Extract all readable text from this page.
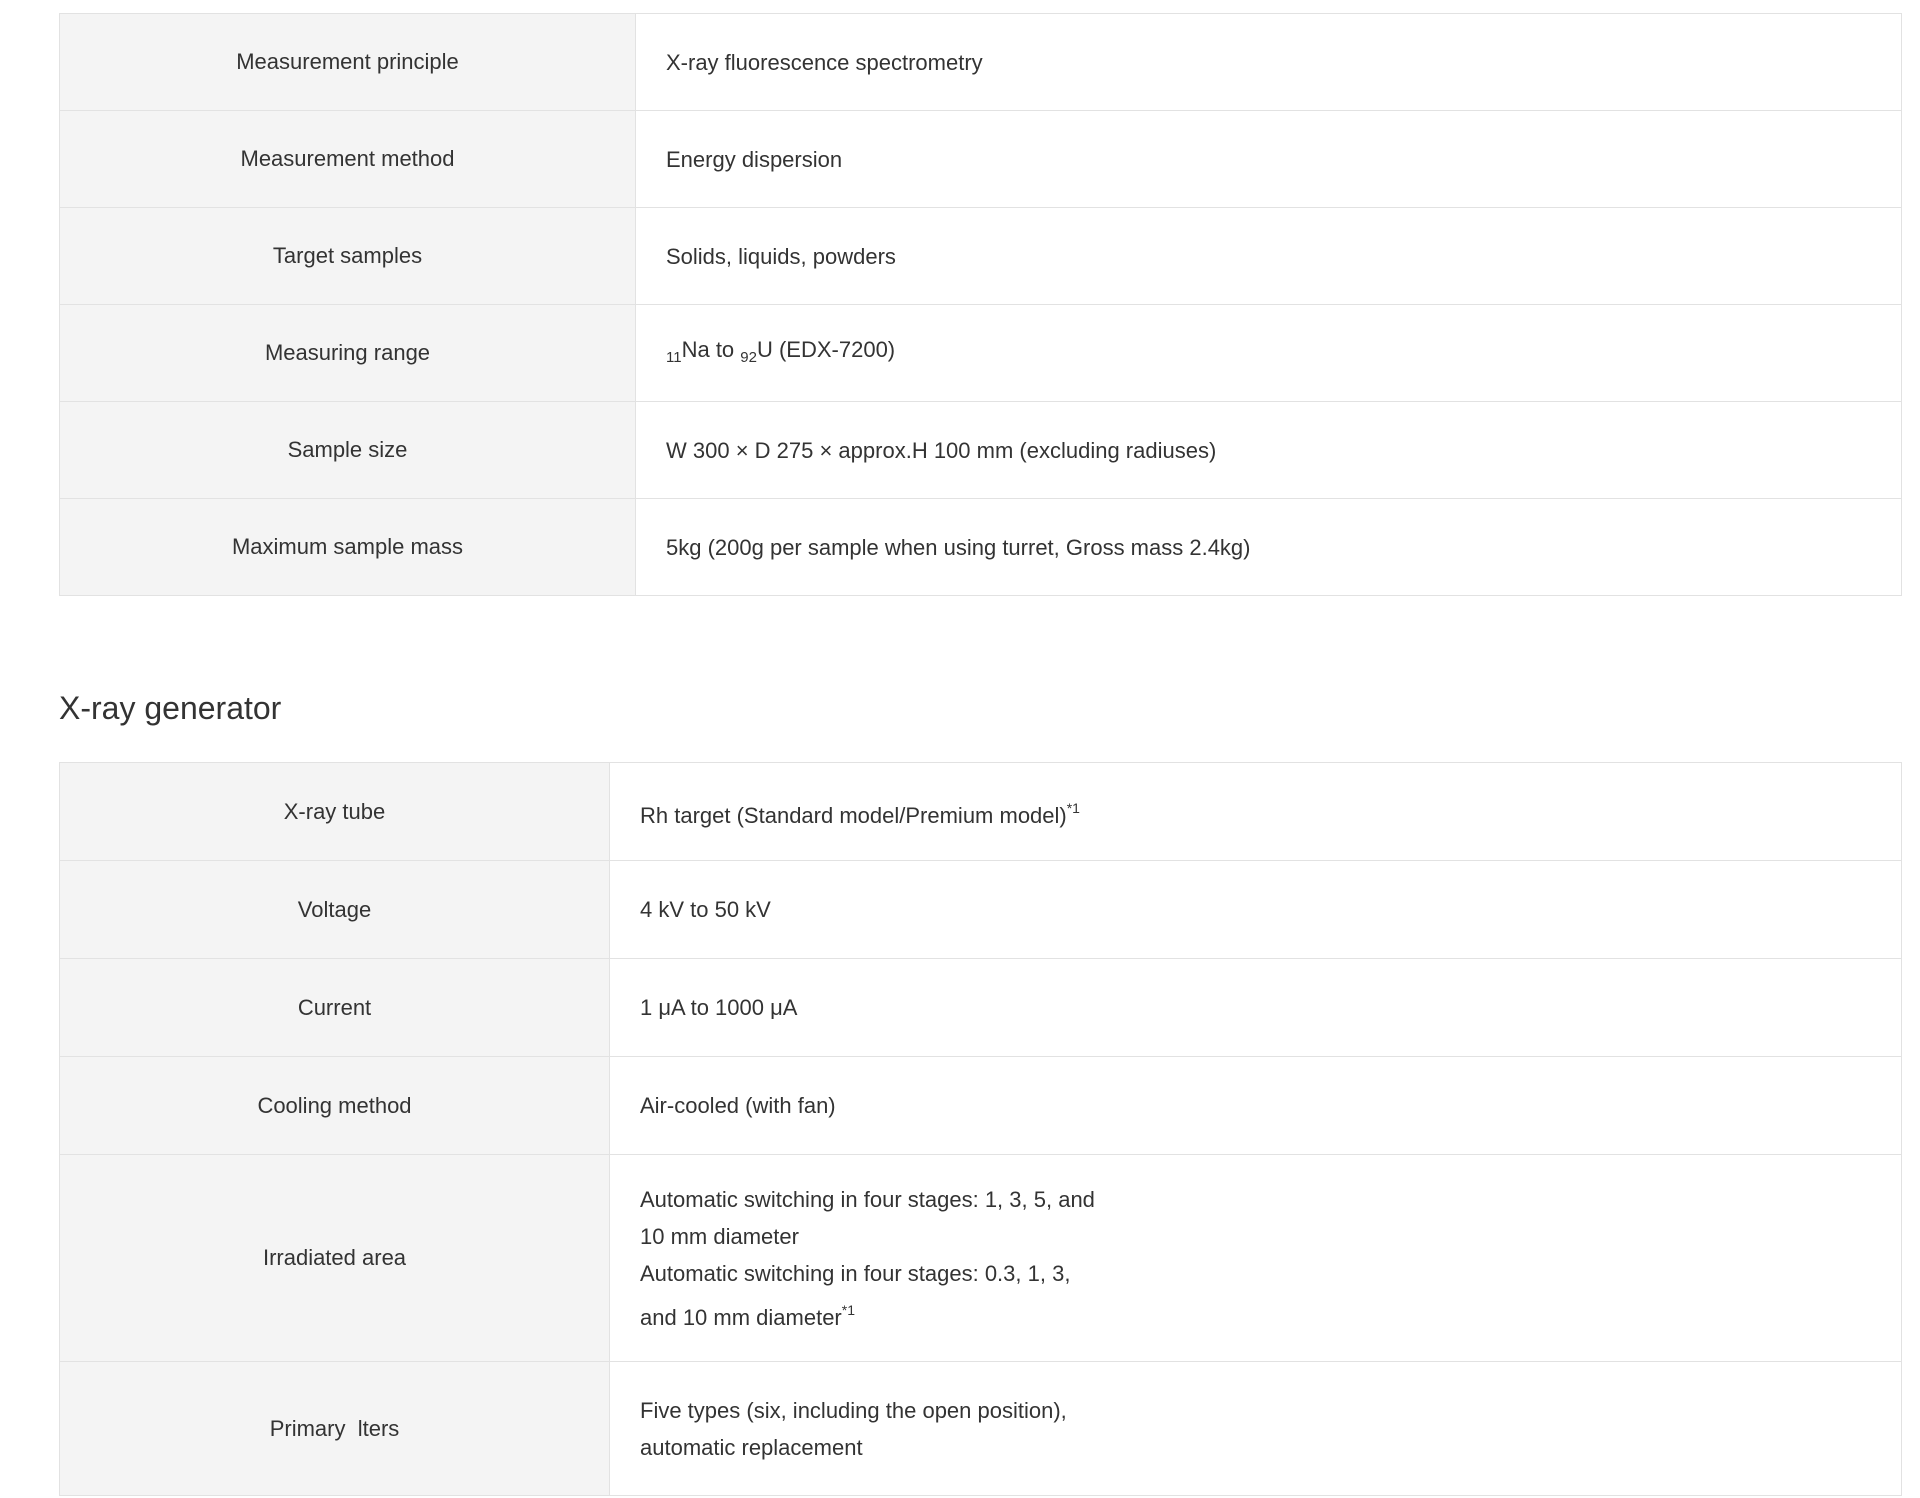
Measurement principle	X-ray fluorescence spectrometry
Measurement method	Energy dispersion
Target samples	Solids, liquids, powders
Measuring range	$_{11}$Na to $_{92}$U (EDX-7200)
Sample size	W 300 × D 275 × approx.H 100 mm (excluding radiuses)
Maximum sample mass	5kg (200g per sample when using turret, Gross mass 2.4kg)
X-ray generator
X-ray tube	Rh target (Standard model/Premium model)$^{*1}$
Voltage	4 kV to 50 kV
Current	1 μA to 1000 μA
Cooling method	Air-cooled (with fan)
Irradiated area	Automatic switching in four stages: 1, 3, 5, and
10 mm diameter
Automatic switching in four stages: 0.3, 1, 3,
and 10 mm diameter$^{*1}$

Primary  lters	Five types (six, including the open position),
automatic replacement
